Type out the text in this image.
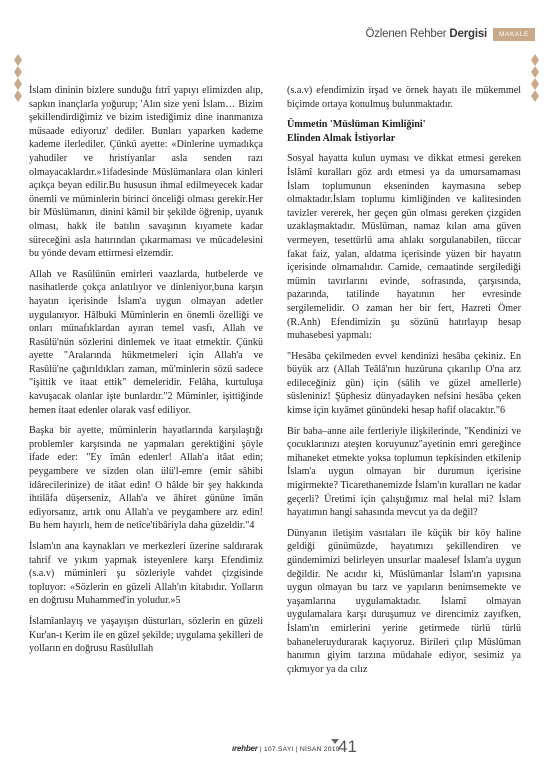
Özlenen Rehber Dergisi	MAKALE

İslam dininin bizlere sunduğu fıtrî yapıyı elimizden alıp, sapkın inançlarla yoğurup; 'Alın size yeni İslam… Bizim şekillendirdiğimiz ve bizim istediğimiz dine inanmanıza müsaade ediyoruz' dediler. Bunları yaparken kademe kademe ilerlediler. Çünkü ayette: «Dinlerine uymadıkça yahudiler ve hristiyanlar asla senden razı olmayacaklardır.»1ifadesinde Müslümanlara olan kinleri açıkça beyan edilir.Bu hususun ihmal edilmeyecek kadar önemli ve müminlerin birinci önceliği olması gerekir.Her bir Müslümanın, dinini kâmil bir şekilde öğrenip, uyanık olması, hakk ile batılın savaşının kıyamete kadar süreceğini asla hatırından çıkarmaması ve mücadelesini bu yönde devam ettirmesi elzemdir.

Allah ve Rasûlünün emirleri vaazlarda, hutbelerde ve nasihatlerde çokça anlatılıyor ve dinleniyor,buna karşın hayatın içerisinde İslam'a uygun olmayan adetler uygulanıyor. Hâlbuki Müminlerin en önemli özelliği ve onları münafıklardan ayıran temel vasfı, Allah ve Rasûlü'nün sözlerini dinlemek ve itaat etmektir. Çünkü ayette "Aralarında hükmetmeleri için Allah'a ve Rasûlü'ne çağırıldıkları zaman, mü'minlerin sözü sadece "işittik ve itaat ettik" demeleridir. Felâha, kurtuluşa kavuşacak olanlar işte bunlardır."2 Müminler, işittiğinde hemen itaat edenler olarak vasf ediliyor.

Başka bir ayette, müminlerin hayatlarında karşılaştığı problemler karşısında ne yapmaları gerektiğini şöyle ifade eder: "Ey îmân edenler! Allah'a itâat edin; peygambere ve sizden olan ülü'l-emre (emir sâhibi idârecilerinize) de itâat edin! O hâlde bir şey hakkında ihtilâfa düşerseniz, Allah'a ve âhiret gününe îmân ediyorsanız, artık onu Allah'a ve peygambere arz edin! Bu hem hayırlı, hem de netîce'tibâriyla daha güzeldir."4

İslam'ın ana kaynakları ve merkezleri üzerine saldırarak tahrif ve yıkım yapmak isteyenlere karşı Efendimiz (s.a.v) müminleri şu sözleriyle vahdet çizgisinde topluyor: «Sözlerin en güzeli Allah'ın kitabıdır. Yolların en doğrusu Muhammed'in yoludur.»5

İslamîanlayış ve yaşayışın düsturları, sözlerin en güzeli Kur'an-ı Kerim ile en güzel şekilde; uygulama şekilleri de yolların en doğrusu Rasûlullah

(s.a.v) efendimizin irşad ve örnek hayatı ile mükemmel biçimde ortaya konulmuş bulunmaktadır.

Ümmetin 'Müslüman Kimliğini'
Elinden Almak İstiyorlar

Sosyal hayatta kulun uyması ve dikkat etmesi gereken İslâmî kuralları göz ardı etmesi ya da umursamaması İslam toplumunun ekseninden kaymasına sebep olmaktadır.İslam toplumu kimliğinden ve kalitesinden tavizler vererek, her geçen gün olması gereken çizgiden uzaklaşmaktadır. Müslüman, namaz kılan ama güven vermeyen, tesettürlü ama ahlakı sorgulanabilen, tüccar fakat faiz, yalan, aldatma içerisinde yüzen bir hayatın içerisinde olmamalıdır. Camide, cemaatinde sergilediği mümin tavırlarını evinde, sofrasında, çarşısında, pazarında, tatilinde hayatının her evresinde sergilemelidir. O zaman her bir fert, Hazreti Ömer (R.Anh) Efendimizin şu sözünü hatırlayıp hesap muhasebesi yapmalı:

"Hesâba çekilmeden evvel kendinizi hesâba çekiniz. En büyük arz (Allah Teâlâ'nın huzûruna çıkarılıp O'na arz edileceğiniz gün) için (sâlih ve güzel amellerle) süsleniniz! Şüphesiz dünyadayken nefsini hesâba çeken kimse için kıyâmet günündeki hesap hafif olacaktır."6

Bir baba–anne aile fertleriyle ilişkilerinde, "Kendinizi ve çocuklarınızı ateşten koruyunuz"ayetinin emri gereğince mihaneket etmekte yoksa toplumun tepkisinden etkilenip İslam'a uygun olmayan bir durumun içerisine migirmekte? Ticarethanemizde İslam'ın kuralları ne kadar geçerli? Üretimi için çalıştığımız mal helal mi? İslam hayatımın hangi sahasında mevcut ya da değil?

Dünyanın iletişim vasıtaları ile küçük bir köy haline geldiği günümüzde, hayatımızı şekillendiren ve gündemimizi belirleyen unsurlar maalesef İslam'a uygun değildir. Ne acıdır ki, Müslümanlar İslam'ın yapısına uygun olmayan bu tarz ve yapıların benimsemekte ve yaşamlarına uygulamaktadır. İslamî olmayan uygulamalara karşı duruşumuz ve direncimiz zayıfken, İslam'ın emirlerini yerine getirmede türlü türlü bahaneleruydurarak kaçıyoruz. Birileri çılıp Müslüman hanımın giyim tarzına müdahale ediyor, sesimiz ya çıkmıyor ya da cılız

ırehber | 107.SAYI | NİSAN 2019
41
